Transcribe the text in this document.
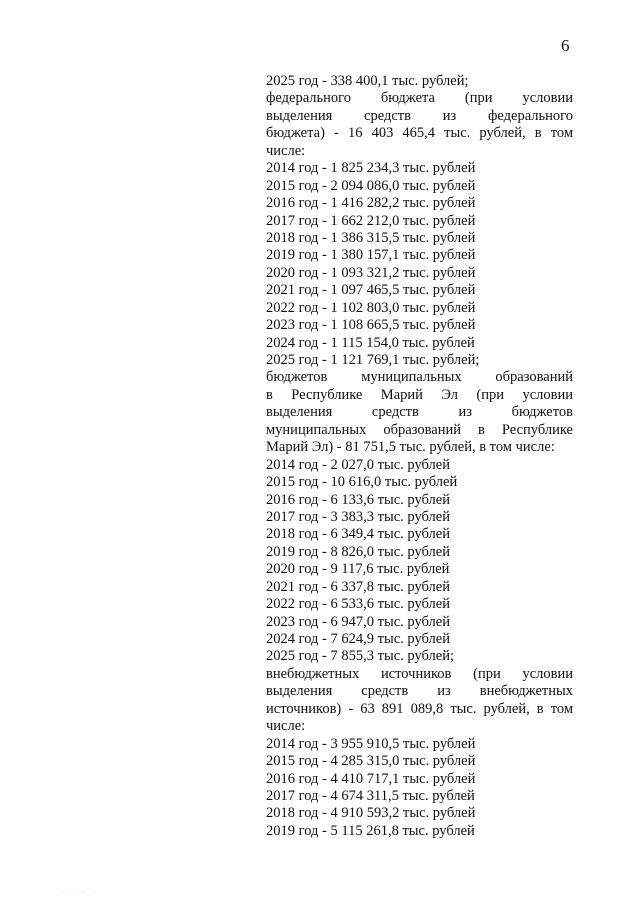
6
2025 год - 338 400,1 тыс. рублей;
федерального бюджета (при условии
выделения средств из федерального
бюджета) - 16 403 465,4 тыс. рублей, в том
числе:
2014 год - 1 825 234,3 тыс. рублей
2015 год - 2 094 086,0 тыс. рублей
2016 год - 1 416 282,2 тыс. рублей
2017 год - 1 662 212,0 тыс. рублей
2018 год - 1 386 315,5 тыс. рублей
2019 год - 1 380 157,1 тыс. рублей
2020 год - 1 093 321,2 тыс. рублей
2021 год - 1 097 465,5 тыс. рублей
2022 год - 1 102 803,0 тыс. рублей
2023 год - 1 108 665,5 тыс. рублей
2024 год - 1 115 154,0 тыс. рублей
2025 год - 1 121 769,1 тыс. рублей;
бюджетов муниципальных образований
в Республике Марий Эл (при условии
выделения средств из бюджетов
муниципальных образований в Республике
Марий Эл) - 81 751,5 тыс. рублей, в том числе:
2014 год - 2 027,0 тыс. рублей
2015 год - 10 616,0 тыс. рублей
2016 год - 6 133,6 тыс. рублей
2017 год - 3 383,3 тыс. рублей
2018 год - 6 349,4 тыс. рублей
2019 год - 8 826,0 тыс. рублей
2020 год - 9 117,6 тыс. рублей
2021 год - 6 337,8 тыс. рублей
2022 год - 6 533,6 тыс. рублей
2023 год - 6 947,0 тыс. рублей
2024 год - 7 624,9 тыс. рублей
2025 год - 7 855,3 тыс. рублей;
внебюджетных источников (при условии
выделения средств из внебюджетных
источников) - 63 891 089,8 тыс. рублей, в том
числе:
2014 год - 3 955 910,5 тыс. рублей
2015 год - 4 285 315,0 тыс. рублей
2016 год - 4 410 717,1 тыс. рублей
2017 год - 4 674 311,5 тыс. рублей
2018 год - 4 910 593,2 тыс. рублей
2019 год - 5 115 261,8 тыс. рублей
· · · ·
